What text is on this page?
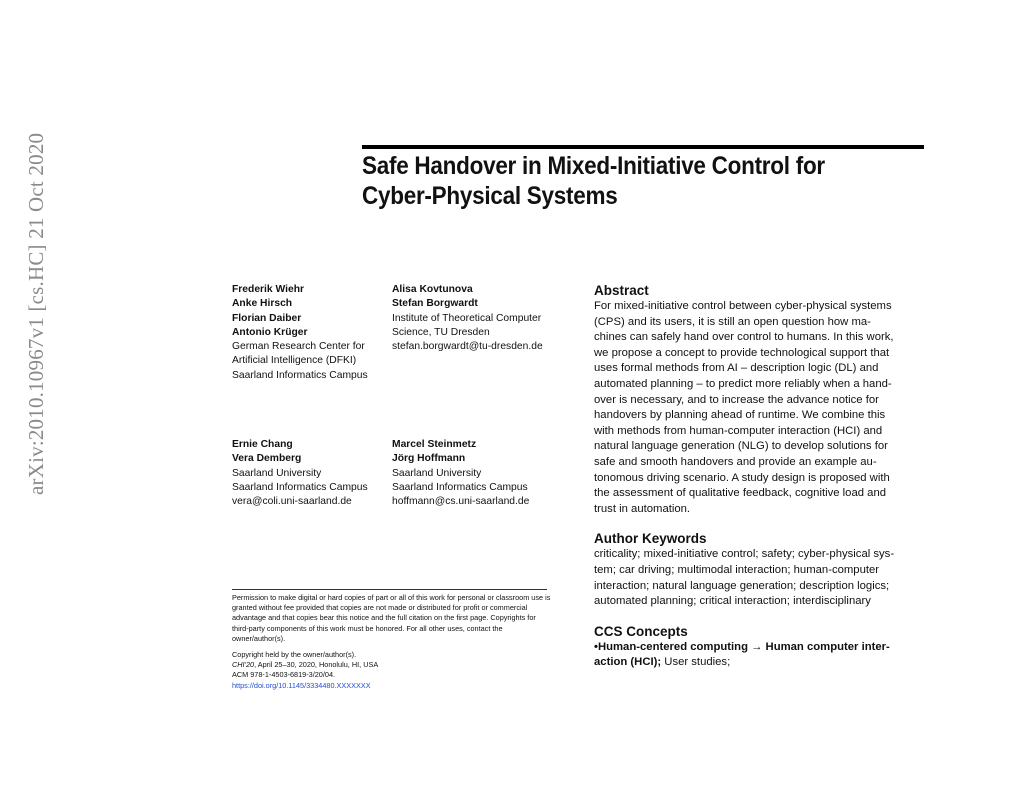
arXiv:2010.10967v1 [cs.HC] 21 Oct 2020	Safe Handover in Mixed-Initiative Control for
Cyber-Physical Systems
Frederik Wiehr
Anke Hirsch
Florian Daiber
Antonio Krüger
German Research Center for
Artificial Intelligence (DFKI)
Saarland Informatics Campus
Alisa Kovtunova
Stefan Borgwardt
Institute of Theoretical Computer
Science, TU Dresden
stefan.borgwardt@tu-dresden.de
Ernie Chang
Vera Demberg
Saarland University
Saarland Informatics Campus
vera@coli.uni-saarland.de
Marcel Steinmetz
Jörg Hoffmann
Saarland University
Saarland Informatics Campus
hoffmann@cs.uni-saarland.de

Permission to make digital or hard copies of part or all of this work for personal or classroom use is granted without fee provided that copies are not made or distributed for profit or commercial advantage and that copies bear this notice and the full citation on the first page. Copyrights for third-party components of this work must be honored. For all other uses, contact the owner/author(s).

Copyright held by the owner/author(s).

CHI'20, April 25–30, 2020, Honolulu, HI, USA

ACM 978-1-4503-6819-3/20/04.

https://doi.org/10.1145/3334480.XXXXXXX

Abstract

For mixed-initiative control between cyber-physical systems
(CPS) and its users, it is still an open question how ma-
chines can safely hand over control to humans. In this work,
we propose a concept to provide technological support that
uses formal methods from AI – description logic (DL) and
automated planning – to predict more reliably when a hand-
over is necessary, and to increase the advance notice for
handovers by planning ahead of runtime. We combine this
with methods from human-computer interaction (HCI) and
natural language generation (NLG) to develop solutions for
safe and smooth handovers and provide an example au-
tonomous driving scenario. A study design is proposed with
the assessment of qualitative feedback, cognitive load and
trust in automation.

Author Keywords

criticality; mixed-initiative control; safety; cyber-physical sys-
tem; car driving; multimodal interaction; human-computer
interaction; natural language generation; description logics;
automated planning; critical interaction; interdisciplinary

CCS Concepts

•Human-centered computing → Human computer inter-
action (HCI); User studies;
